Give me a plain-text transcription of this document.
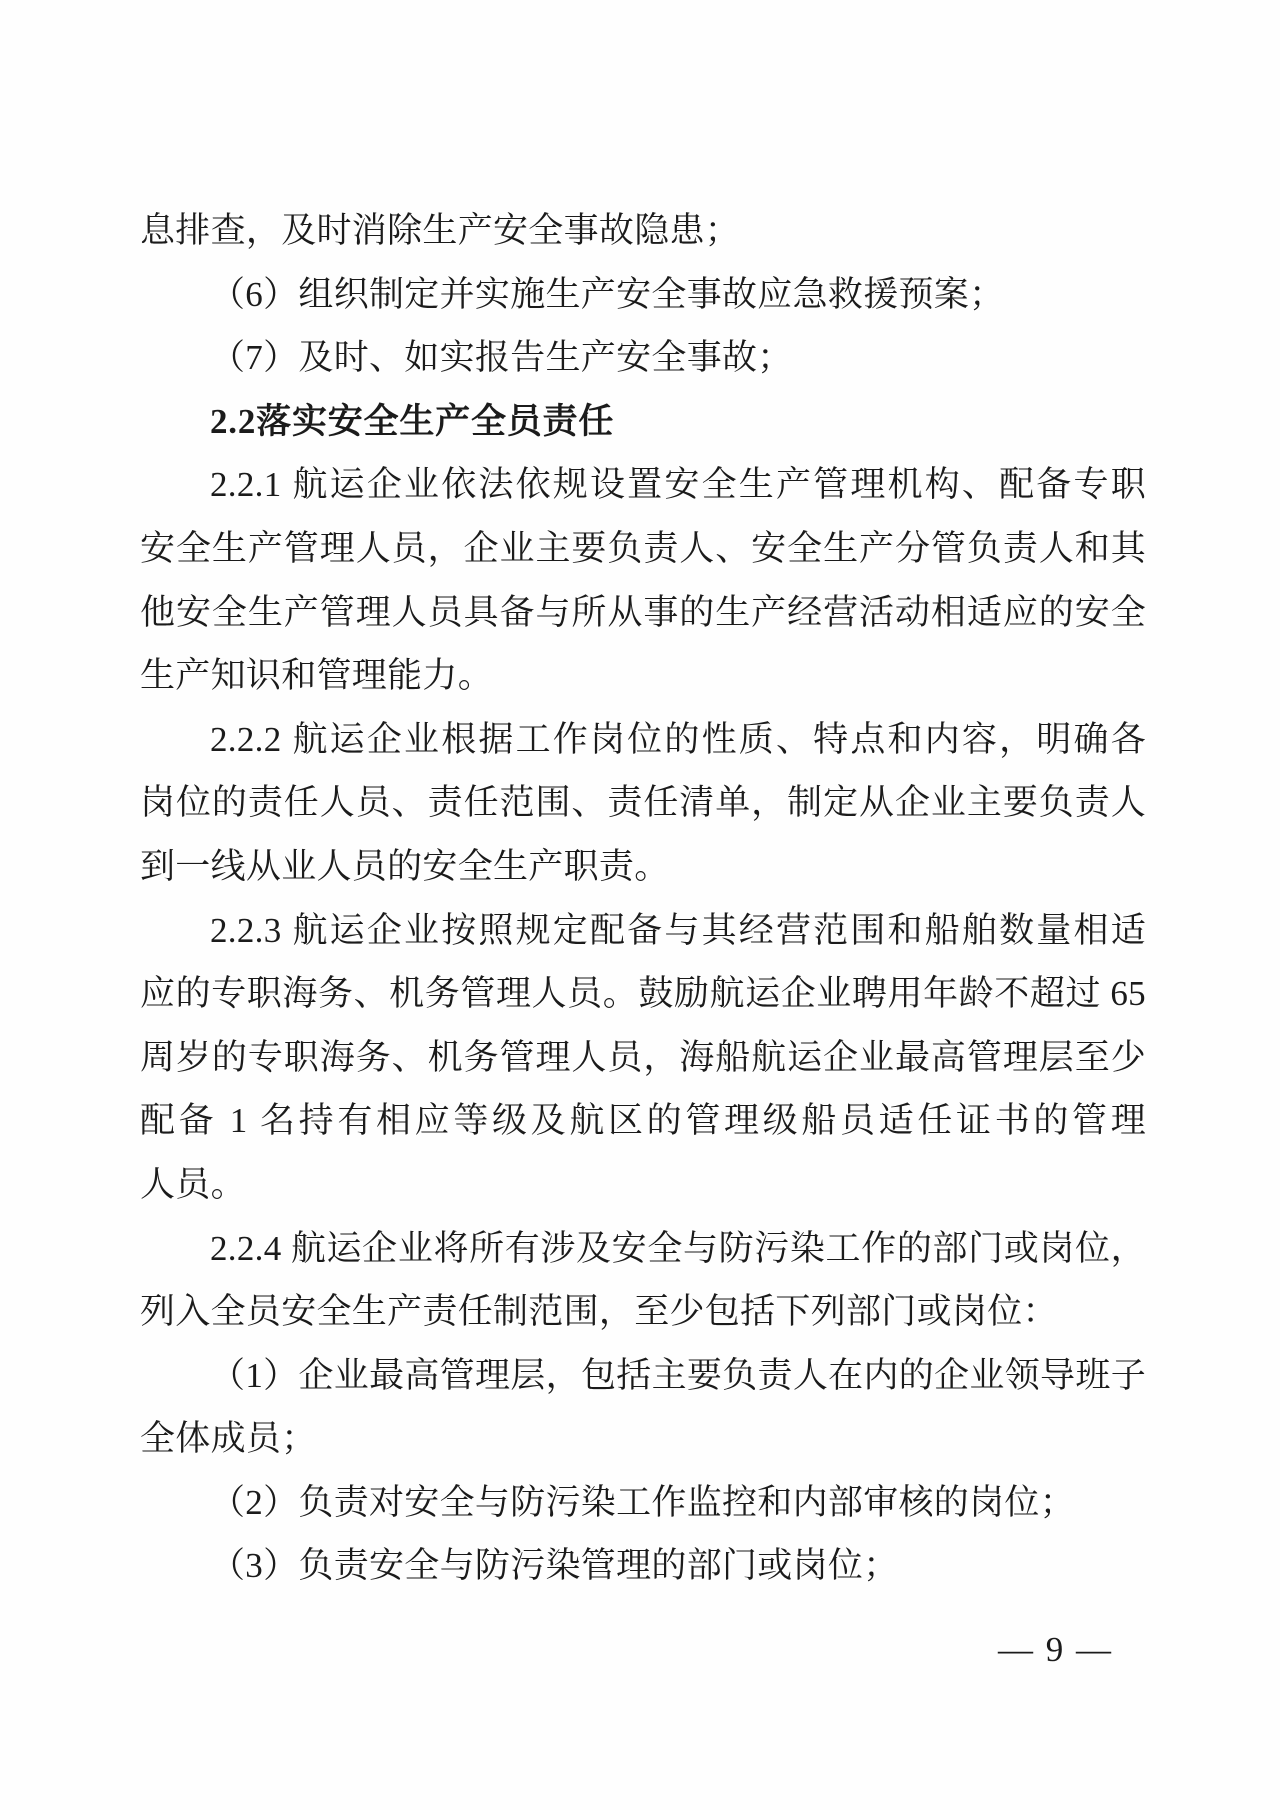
息排查，及时消除生产安全事故隐患；
（6）组织制定并实施生产安全事故应急救援预案；
（7）及时、如实报告生产安全事故；
2.2落实安全生产全员责任
2.2.1 航运企业依法依规设置安全生产管理机构、配备专职
安全生产管理人员，企业主要负责人、安全生产分管负责人和其
他安全生产管理人员具备与所从事的生产经营活动相适应的安全
生产知识和管理能力。
2.2.2 航运企业根据工作岗位的性质、特点和内容，明确各
岗位的责任人员、责任范围、责任清单，制定从企业主要负责人
到一线从业人员的安全生产职责。
2.2.3 航运企业按照规定配备与其经营范围和船舶数量相适
应的专职海务、机务管理人员。鼓励航运企业聘用年龄不超过 65
周岁的专职海务、机务管理人员，海船航运企业最高管理层至少
配备 1 名持有相应等级及航区的管理级船员适任证书的管理
人员。
2.2.4 航运企业将所有涉及安全与防污染工作的部门或岗位，
列入全员安全生产责任制范围，至少包括下列部门或岗位：
（1）企业最高管理层，包括主要负责人在内的企业领导班子
全体成员；
（2）负责对安全与防污染工作监控和内部审核的岗位；
（3）负责安全与防污染管理的部门或岗位；
— 9 —
